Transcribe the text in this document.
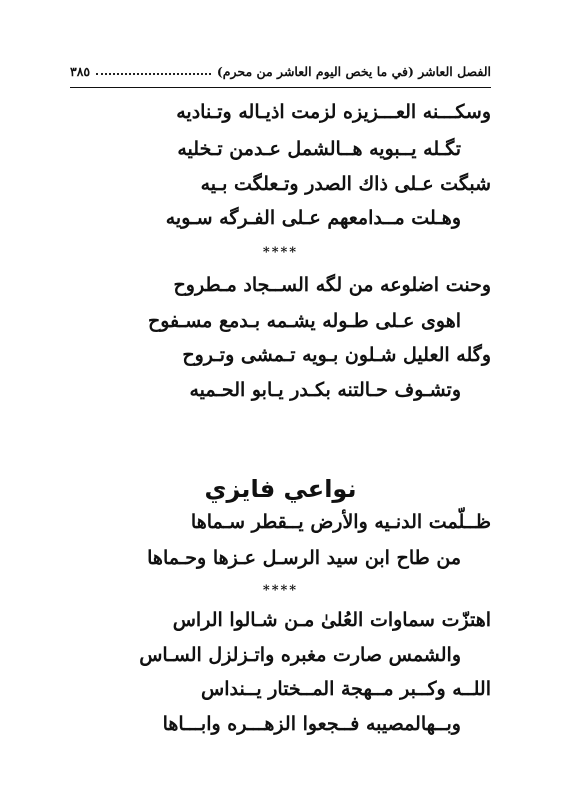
الفصل العاشر (في ما يخص اليوم العاشر من محرم)
٣٨٥
وسكـــنه العـــزيزه لزمت اذيـاله وتـناديه
تگـله يــبويه هــالشمل عـدمن تـخليه
شبگت عـلى ذاك الصدر وتـعلگت بـيه
وهـلت مــدامعهم عـلى الفـرگه سـويه
****
وحنت اضلوعه من لگه الســجاد مـطروح
اهوى عـلى طـوله يشـمه بـدمع مسـفوح
وگله العليل شـلون بـويه تـمشى وتـروح
وتشـوف حـالتنه بكـدر يـابو الحـميه
نواعي فايزي
ظــلّمت الدنـيه والأرض يــقطر سـماها
من طاح ابن سيد الرسـل عـزها وحـماها
****
اهتزّت سماوات العُلىٰ مـن شـالوا الراس
والشمس صارت مغبره واتـزلزل السـاس
اللــه وكــبر مــهجة المــختار يــنداس
وبــهالمصيبه فــجعوا الزهـــره وابـــاها
